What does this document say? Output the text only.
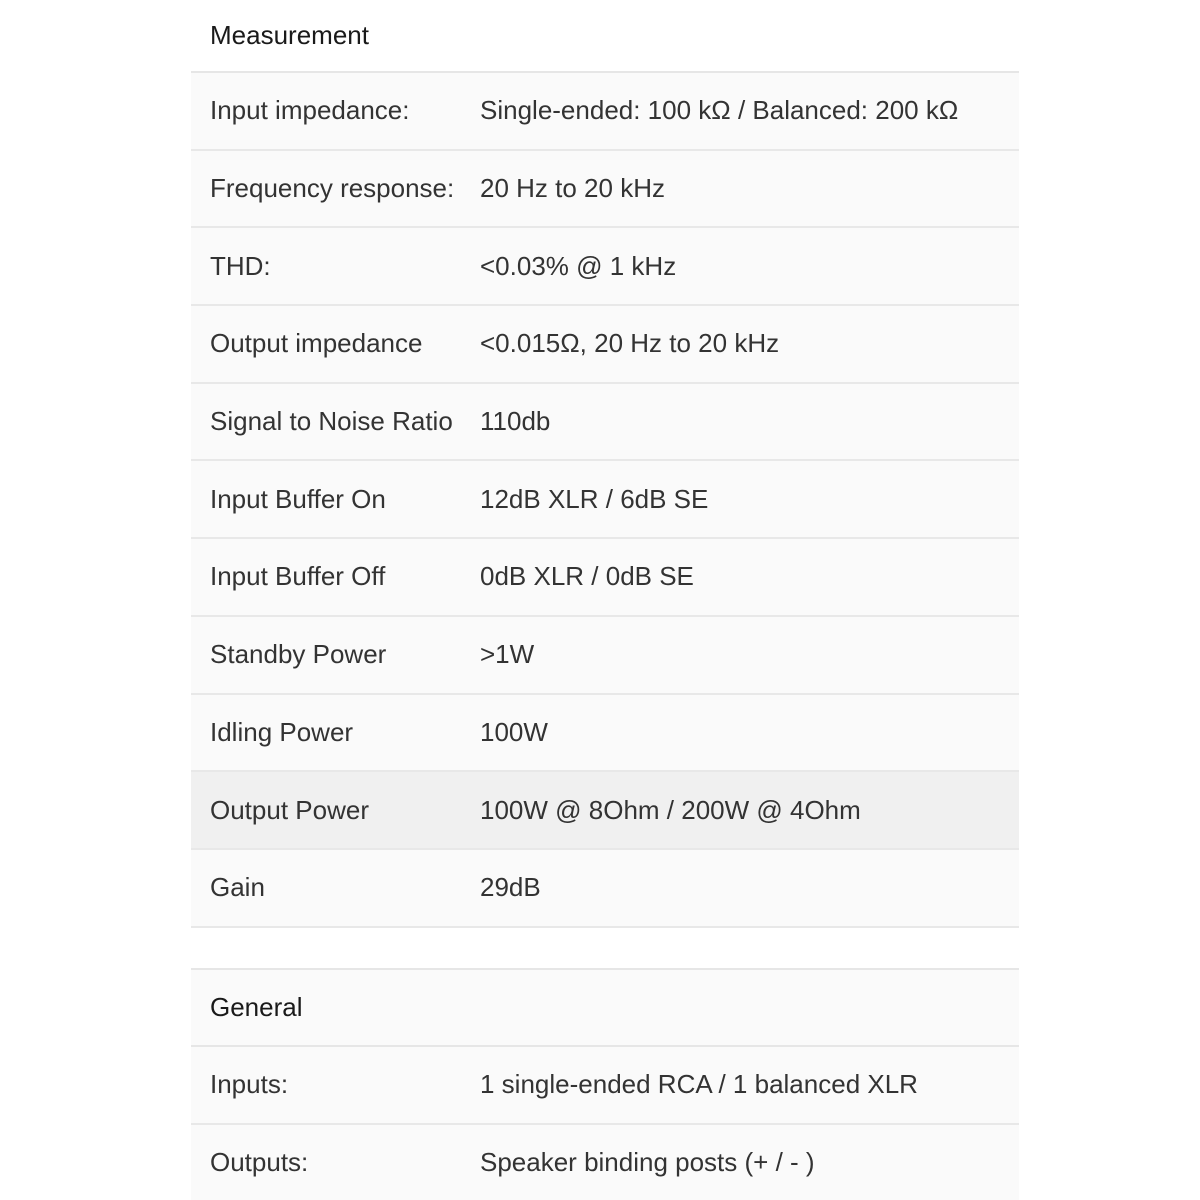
Measurement
Input impedance:	Single-ended: 100 kΩ / Balanced: 200 kΩ
Frequency response: 20 Hz to 20 kHz
THD:	<0.03% @ 1 kHz
Output impedance	<0.015Ω, 20 Hz to 20 kHz
Signal to Noise Ratio	110db
Input Buffer On	12dB XLR / 6dB SE
Input Buffer Off	0dB XLR / 0dB SE
Standby Power	>1W
Idling Power	100W
Output Power	100W @ 8Ohm / 200W @ 4Ohm
Gain	29dB
General
Inputs:	1 single-ended RCA / 1 balanced XLR
Outputs:	Speaker binding posts (+ / - )
